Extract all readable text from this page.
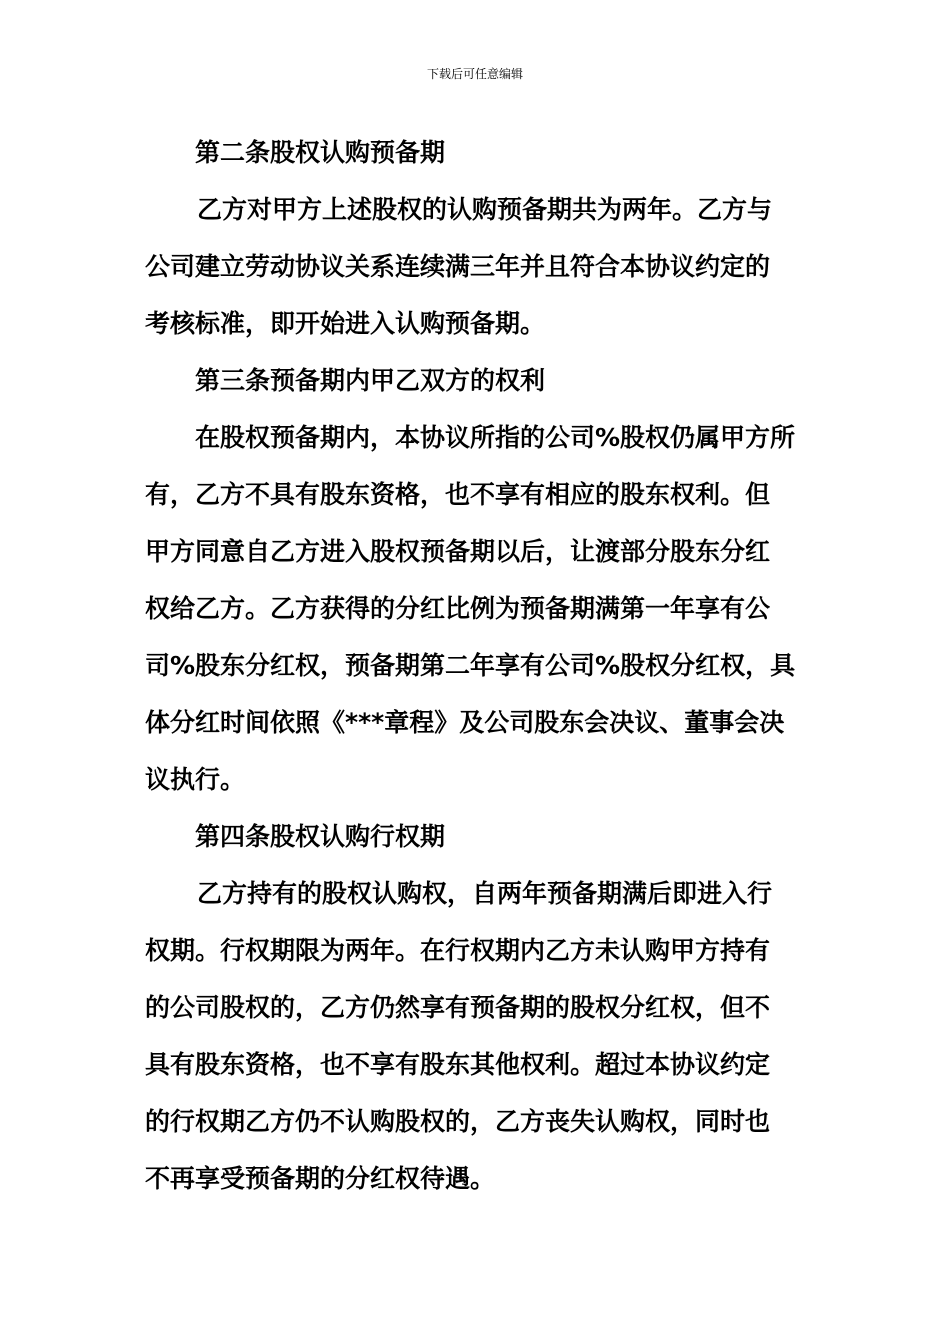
下载后可任意编辑
第二条股权认购预备期
乙方对甲方上述股权的认购预备期共为两年。乙方与
公司建立劳动协议关系连续满三年并且符合本协议约定的
考核标准，即开始进入认购预备期。
第三条预备期内甲乙双方的权利
在股权预备期内，本协议所指的公司%股权仍属甲方所
有，乙方不具有股东资格，也不享有相应的股东权利。但
甲方同意自乙方进入股权预备期以后，让渡部分股东分红
权给乙方。乙方获得的分红比例为预备期满第一年享有公
司%股东分红权，预备期第二年享有公司%股权分红权，具
体分红时间依照《***章程》及公司股东会决议、董事会决
议执行。
第四条股权认购行权期
乙方持有的股权认购权，自两年预备期满后即进入行
权期。行权期限为两年。在行权期内乙方未认购甲方持有
的公司股权的，乙方仍然享有预备期的股权分红权，但不
具有股东资格，也不享有股东其他权利。超过本协议约定
的行权期乙方仍不认购股权的，乙方丧失认购权，同时也
不再享受预备期的分红权待遇。
